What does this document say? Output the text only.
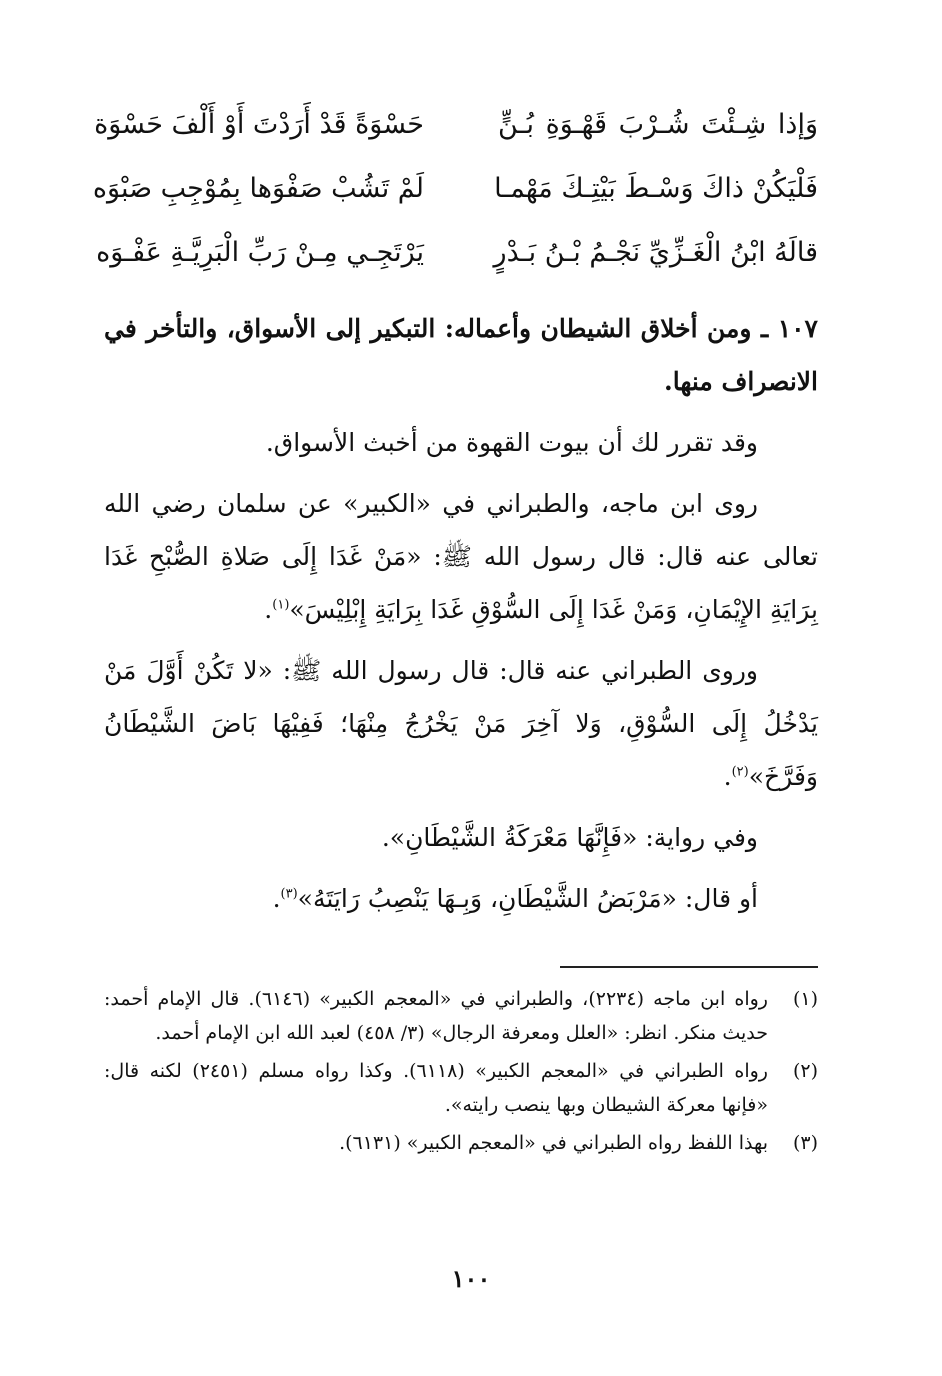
وَإذا شِـئْتَ شُـرْبَ قَهْـوَةِ بُـنٍّ
حَسْوَةً قَدْ أَرَدْتَ أَوْ أَلْفَ حَسْوَة
فَلْيَكُنْ ذاكَ وَسْـطَ بَيْتِـكَ مَهْمـا
لَمْ تَشُبْ صَفْوَها بِمُوْجِبِ صَبْوَه
قالَهُ ابْنُ الْغَـزِّيِّ نَجْـمُ بْـنُ بَـدْرٍ
يَرْتَجِـي مِـنْ رَبِّ الْبَرِيَّـةِ عَفْـوَه

١٠٧ ـ ومن أخلاق الشيطان وأعماله: التبكير إلى الأسواق، والتأخر في الانصراف منها.

وقد تقرر لك أن بيوت القهوة من أخبث الأسواق.

روى ابن ماجه، والطبراني في «الكبير» عن سلمان رضي الله تعالى عنه قال: قال رسول الله ﷺ: «مَنْ غَدَا إِلَى صَلاةِ الصُّبْحِ غَدَا بِرَايَةِ الإِيْمَانِ، وَمَنْ غَدَا إِلَى السُّوْقِ غَدَا بِرَايَةِ إِبْلِيْسَ»$^{(١)}$.

وروى الطبراني عنه قال: قال رسول الله ﷺ: «لا تَكُنْ أَوَّلَ مَنْ يَدْخُلُ إِلَى السُّوْقِ، وَلا آخِرَ مَنْ يَخْرُجُ مِنْهَا؛ فَفِيْهَا بَاضَ الشَّيْطَانُ وَفَرَّخَ»$^{(٢)}$.

وفي رواية: «فَإِنَّهَا مَعْرَكَةُ الشَّيْطَانِ».

أو قال: «مَرْبَضُ الشَّيْطَانِ، وَبِـهَا يَنْصِبُ رَايَتَهُ»$^{(٣)}$.

(١)
رواه ابن ماجه (٢٢٣٤)، والطبراني في «المعجم الكبير» (٦١٤٦). قال الإمام أحمد: حديث منكر. انظر: «العلل ومعرفة الرجال» (٣/ ٤٥٨) لعبد الله ابن الإمام أحمد.
(٢)
رواه الطبراني في «المعجم الكبير» (٦١١٨). وكذا رواه مسلم (٢٤٥١) لكنه قال: «فإنها معركة الشيطان وبها ينصب رايته».
(٣)
بهذا اللفظ رواه الطبراني في «المعجم الكبير» (٦١٣١).
١٠٠
